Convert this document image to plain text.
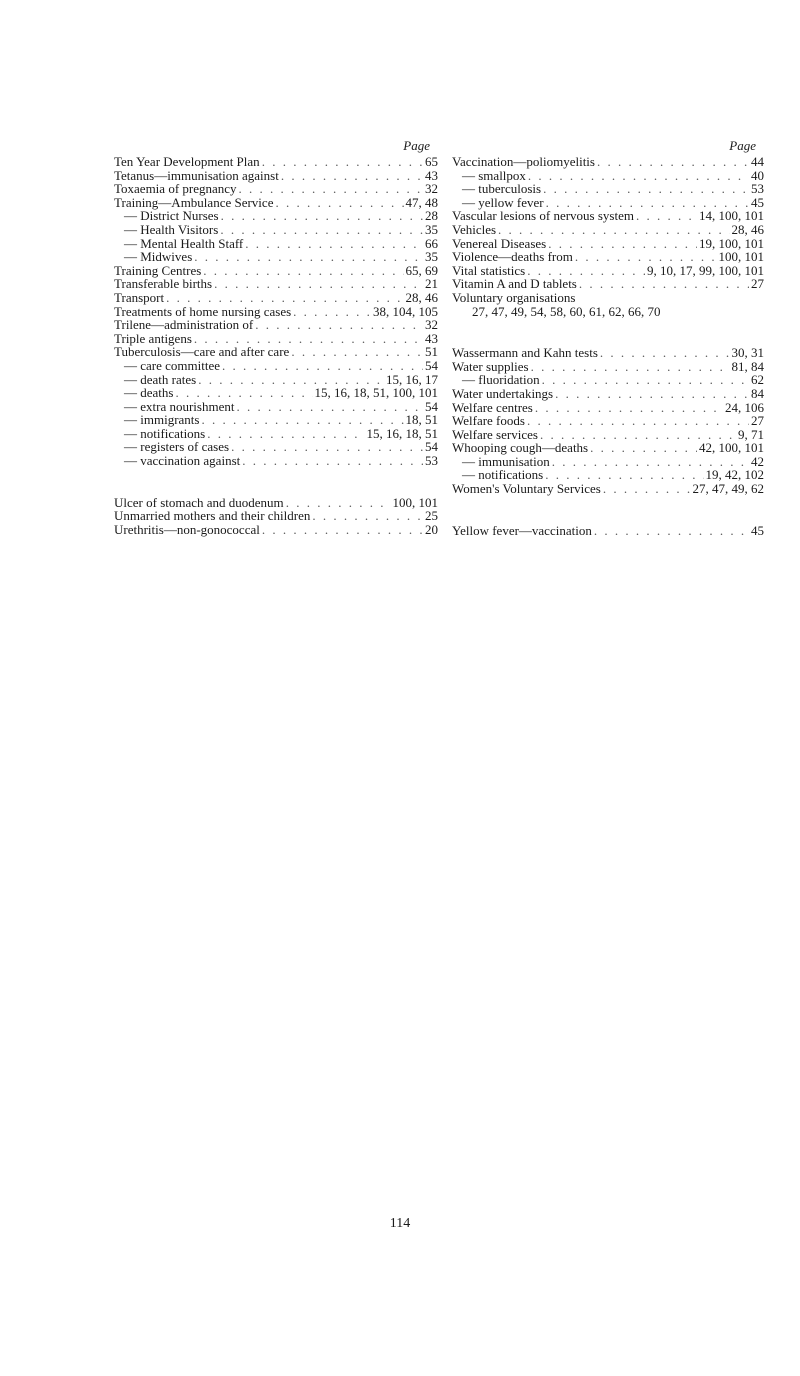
Page
Ten Year Development Plan . . .	65
Tetanus—immunisation against . . .	43
Toxaemia of pregnancy . . .	32
Training—Ambulance Service . . .	47, 48
— District Nurses . . .	28
— Health Visitors . . .	35
— Mental Health Staff . . .	66
— Midwives . . .	35
Training Centres . . .	65, 69
Transferable births . . .	21
Transport . . .	28, 46
Treatments of home nursing cases . . .	38, 104, 105
Trilene—administration of . . .	32
Triple antigens . . .	43
Tuberculosis—care and after care . . .	51
— care committee . . .	54
— death rates . . .	15, 16, 17
— deaths . . .	15, 16, 18, 51, 100, 101
— extra nourishment . . .	54
— immigrants . . .	18, 51
— notifications . . .	15, 16, 18, 51
— registers of cases . . .	54
— vaccination against . . .	53
Ulcer of stomach and duodenum . . .	100, 101
Unmarried mothers and their children . . .	25
Urethritis—non-gonococcal . . .	20
Page
Vaccination—poliomyelitis . . .	44
— smallpox . . .	40
— tuberculosis . . .	53
— yellow fever . . .	45
Vascular lesions of nervous system . . .	14, 100, 101
Vehicles . . .	28, 46
Venereal Diseases . . .	19, 100, 101
Violence—deaths from . . .	100, 101
Vital statistics . . .	9, 10, 17, 99, 100, 101
Vitamin A and D tablets . . .	27
Voluntary organisations
27, 47, 49, 54, 58, 60, 61, 62, 66, 70
Wassermann and Kahn tests . . .	30, 31
Water supplies . . .	81, 84
— fluoridation . . .	62
Water undertakings . . .	84
Welfare centres . . .	24, 106
Welfare foods . . .	27
Welfare services . . .	9, 71
Whooping cough—deaths . . .	42, 100, 101
— immunisation . . .	42
— notifications . . .	19, 42, 102
Women's Voluntary Services . . .	27, 47, 49, 62
Yellow fever—vaccination . . .	45
114
